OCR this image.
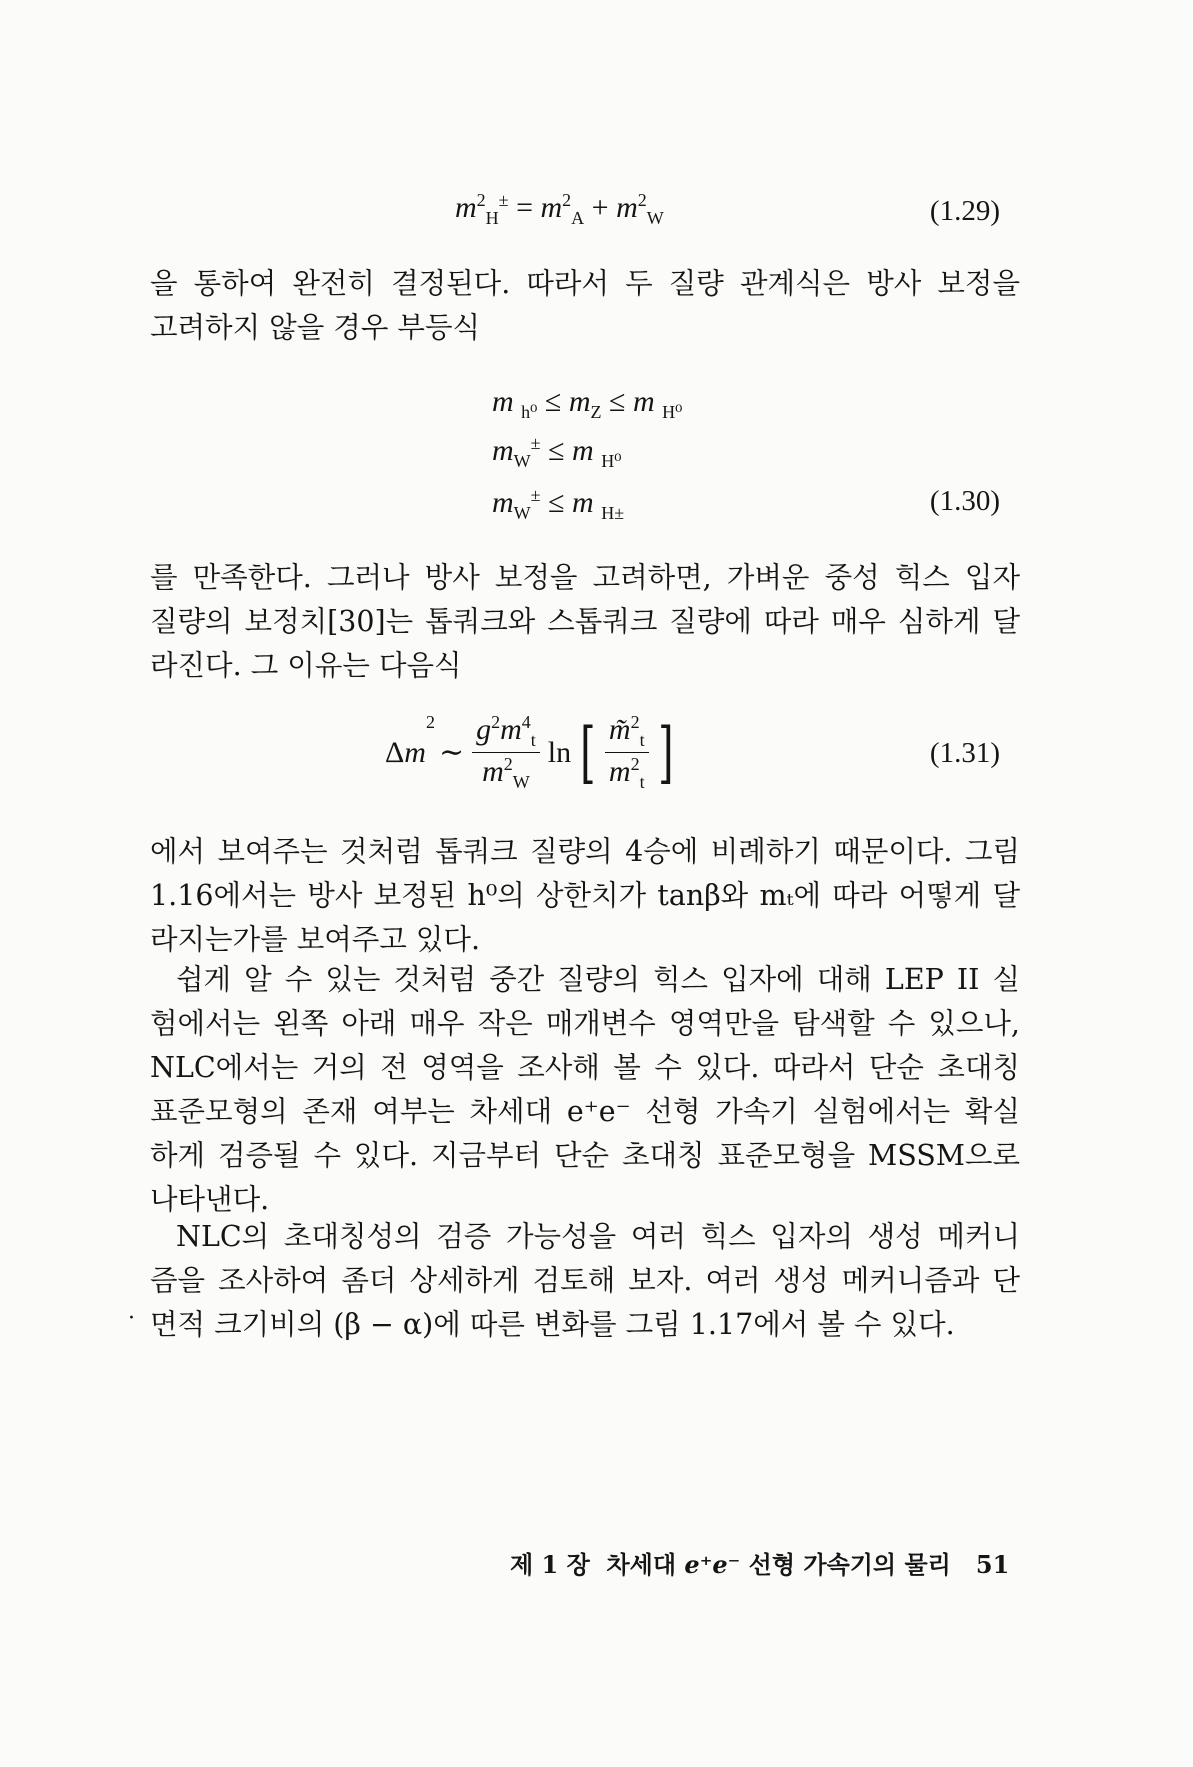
$m^2_H^\pm = m^2_A + m^2_W$	(1.29)
을 통하여 완전히 결정된다. 따라서 두 질량 관계식은 방사 보정을
고려하지 않을 경우 부등식
m $_{h^0} \le m_Z \le m$ $_{H^0}$
$m_W^\pm \le m$ $_{H^0}$
$m_W^\pm \le m$ $_{H\pm}$	(1.30)
를 만족한다. 그러나 방사 보정을 고려하면, 가벼운 중성 힉스 입자
질량의 보정치[30]는 톱쿼크와 스톱쿼크 질량에 따라 매우 심하게 달
라진다. 그 이유는 다음식
Δ m
2
∼ $\frac{g^2m^4_t}{m^2_W}$ ln [ $\frac{m̃^2_t}{m^2_t}$ ]	(1.31)
에서 보여주는 것처럼 톱쿼크 질량의 4승에 비례하기 때문이다. 그림
1.16에서는 방사 보정된 h⁰의 상한치가 tanβ와 mₜ에 따라 어떻게 달
라지는가를 보여주고 있다.
쉽게 알 수 있는 것처럼 중간 질량의 힉스 입자에 대해 LEP II 실
험에서는 왼쪽 아래 매우 작은 매개변수 영역만을 탐색할 수 있으나,
NLC에서는 거의 전 영역을 조사해 볼 수 있다. 따라서 단순 초대칭
표준모형의 존재 여부는 차세대 e⁺e⁻ 선형 가속기 실험에서는 확실
하게 검증될 수 있다. 지금부터 단순 초대칭 표준모형을 MSSM으로
나타낸다.
NLC의 초대칭성의 검증 가능성을 여러 힉스 입자의 생성 메커니
즘을 조사하여 좀더 상세하게 검토해 보자. 여러 생성 메커니즘과 단
면적 크기비의 (β − α)에 따른 변화를 그림 1.17에서 볼 수 있다.
·
제 1 장 차세대 e⁺e⁻ 선형 가속기의 물리 51
